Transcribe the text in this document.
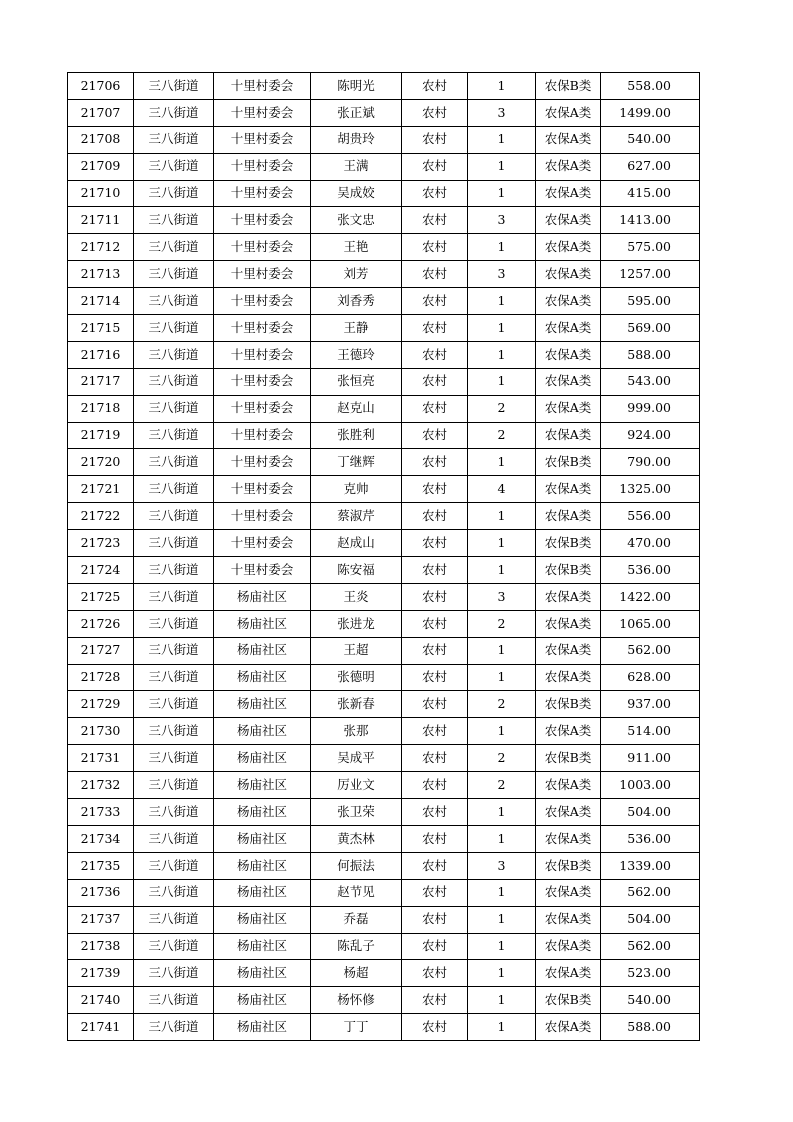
21706	三八街道	十里村委会	陈明光	农村	1	农保B类	558.00
21707	三八街道	十里村委会	张正斌	农村	3	农保A类	1499.00
21708	三八街道	十里村委会	胡贵玲	农村	1	农保A类	540.00
21709	三八街道	十里村委会	王满	农村	1	农保A类	627.00
21710	三八街道	十里村委会	吴成姣	农村	1	农保A类	415.00
21711	三八街道	十里村委会	张文忠	农村	3	农保A类	1413.00
21712	三八街道	十里村委会	王艳	农村	1	农保A类	575.00
21713	三八街道	十里村委会	刘芳	农村	3	农保A类	1257.00
21714	三八街道	十里村委会	刘香秀	农村	1	农保A类	595.00
21715	三八街道	十里村委会	王静	农村	1	农保A类	569.00
21716	三八街道	十里村委会	王德玲	农村	1	农保A类	588.00
21717	三八街道	十里村委会	张恒亮	农村	1	农保A类	543.00
21718	三八街道	十里村委会	赵克山	农村	2	农保A类	999.00
21719	三八街道	十里村委会	张胜利	农村	2	农保A类	924.00
21720	三八街道	十里村委会	丁继辉	农村	1	农保B类	790.00
21721	三八街道	十里村委会	克帅	农村	4	农保A类	1325.00
21722	三八街道	十里村委会	蔡淑芹	农村	1	农保A类	556.00
21723	三八街道	十里村委会	赵成山	农村	1	农保B类	470.00
21724	三八街道	十里村委会	陈安福	农村	1	农保B类	536.00
21725	三八街道	杨庙社区	王炎	农村	3	农保A类	1422.00
21726	三八街道	杨庙社区	张进龙	农村	2	农保A类	1065.00
21727	三八街道	杨庙社区	王超	农村	1	农保A类	562.00
21728	三八街道	杨庙社区	张德明	农村	1	农保A类	628.00
21729	三八街道	杨庙社区	张新春	农村	2	农保B类	937.00
21730	三八街道	杨庙社区	张那	农村	1	农保A类	514.00
21731	三八街道	杨庙社区	吴成平	农村	2	农保B类	911.00
21732	三八街道	杨庙社区	厉业文	农村	2	农保A类	1003.00
21733	三八街道	杨庙社区	张卫荣	农村	1	农保A类	504.00
21734	三八街道	杨庙社区	黄杰林	农村	1	农保A类	536.00
21735	三八街道	杨庙社区	何振法	农村	3	农保B类	1339.00
21736	三八街道	杨庙社区	赵节见	农村	1	农保A类	562.00
21737	三八街道	杨庙社区	乔磊	农村	1	农保A类	504.00
21738	三八街道	杨庙社区	陈乱子	农村	1	农保A类	562.00
21739	三八街道	杨庙社区	杨超	农村	1	农保A类	523.00
21740	三八街道	杨庙社区	杨怀修	农村	1	农保B类	540.00
21741	三八街道	杨庙社区	丁丁	农村	1	农保A类	588.00
